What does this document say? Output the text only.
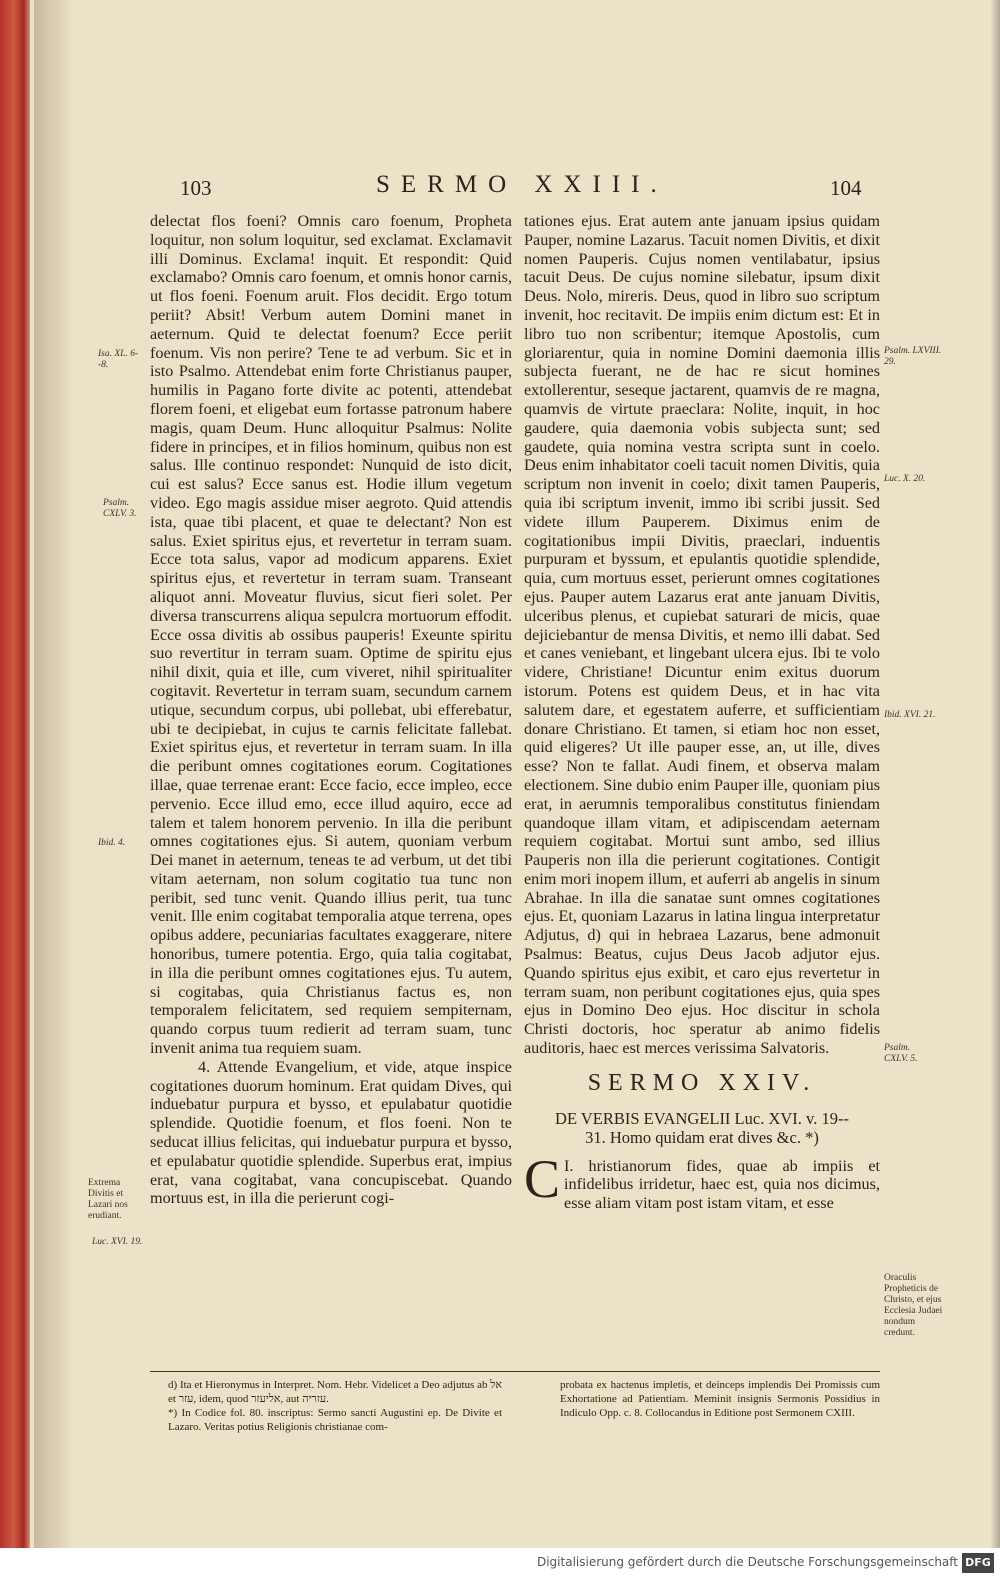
103	SERMO XXIII.	104

delectat flos foeni? Omnis caro foenum, Propheta loquitur, non solum loquitur, sed exclamat. Exclamavit illi Dominus. Exclama! inquit. Et respondit: Quid exclamabo? Omnis caro foenum, et omnis honor carnis, ut flos foeni. Foenum aruit. Flos decidit. Ergo totum periit? Absit! Verbum autem Domini manet in aeternum. Quid te delectat foenum? Ecce periit foenum. Vis non perire? Tene te ad verbum. Sic et in isto Psalmo. Attendebat enim forte Christianus pauper, humilis in Pagano forte divite ac potenti, attendebat florem foeni, et eligebat eum fortasse patronum habere magis, quam Deum. Hunc alloquitur Psalmus: Nolite fidere in principes, et in filios hominum, quibus non est salus. Ille continuo respondet: Nunquid de isto dicit, cui est salus? Ecce sanus est. Hodie illum vegetum video. Ego magis assidue miser aegroto. Quid attendis ista, quae tibi placent, et quae te delectant? Non est salus. Exiet spiritus ejus, et revertetur in terram suam. Ecce tota salus, vapor ad modicum apparens. Exiet spiritus ejus, et revertetur in terram suam. Transeant aliquot anni. Moveatur fluvius, sicut fieri solet. Per diversa transcurrens aliqua sepulcra mortuorum effodit. Ecce ossa divitis ab ossibus pauperis! Exeunte spiritu suo revertitur in terram suam. Optime de spiritu ejus nihil dixit, quia et ille, cum viveret, nihil spiritualiter cogitavit. Revertetur in terram suam, secundum carnem utique, secundum corpus, ubi pollebat, ubi efferebatur, ubi te decipiebat, in cujus te carnis felicitate fallebat. Exiet spiritus ejus, et revertetur in terram suam. In illa die peribunt omnes cogitationes eorum. Cogitationes illae, quae terrenae erant: Ecce facio, ecce impleo, ecce pervenio. Ecce illud emo, ecce illud aquiro, ecce ad talem et talem honorem pervenio. In illa die peribunt omnes cogitationes ejus. Si autem, quoniam verbum Dei manet in aeternum, teneas te ad verbum, ut det tibi vitam aeternam, non solum cogitatio tua tunc non peribit, sed tunc venit. Quando illius perit, tua tunc venit. Ille enim cogitabat temporalia atque terrena, opes opibus addere, pecuniarias facultates exaggerare, nitere honoribus, tumere potentia. Ergo, quia talia cogitabat, in illa die peribunt omnes cogitationes ejus. Tu autem, si cogitabas, quia Christianus factus es, non temporalem felicitatem, sed requiem sempiternam, quando corpus tuum redierit ad terram suam, tunc invenit anima tua requiem suam.

4. Attende Evangelium, et vide, atque inspice cogitationes duorum hominum. Erat quidam Dives, qui induebatur purpura et bysso, et epulabatur quotidie splendide. Quotidie foenum, et flos foeni. Non te seducat illius felicitas, qui induebatur purpura et bysso, et epulabatur quotidie splendide. Superbus erat, impius erat, vana cogitabat, vana concupiscebat. Quando mortuus est, in illa die perierunt cogi-

tationes ejus. Erat autem ante januam ipsius quidam Pauper, nomine Lazarus. Tacuit nomen Divitis, et dixit nomen Pauperis. Cujus nomen ventilabatur, ipsius tacuit Deus. De cujus nomine silebatur, ipsum dixit Deus. Nolo, mireris. Deus, quod in libro suo scriptum invenit, hoc recitavit. De impiis enim dictum est: Et in libro tuo non scribentur; itemque Apostolis, cum gloriarentur, quia in nomine Domini daemonia illis subjecta fuerant, ne de hac re sicut homines extollerentur, seseque jactarent, quamvis de re magna, quamvis de virtute praeclara: Nolite, inquit, in hoc gaudere, quia daemonia vobis subjecta sunt; sed gaudete, quia nomina vestra scripta sunt in coelo. Deus enim inhabitator coeli tacuit nomen Divitis, quia scriptum non invenit in coelo; dixit tamen Pauperis, quia ibi scriptum invenit, immo ibi scribi jussit. Sed videte illum Pauperem. Diximus enim de cogitationibus impii Divitis, praeclari, induentis purpuram et byssum, et epulantis quotidie splendide, quia, cum mortuus esset, perierunt omnes cogitationes ejus. Pauper autem Lazarus erat ante januam Divitis, ulceribus plenus, et cupiebat saturari de micis, quae dejiciebantur de mensa Divitis, et nemo illi dabat. Sed et canes veniebant, et lingebant ulcera ejus. Ibi te volo videre, Christiane! Dicuntur enim exitus duorum istorum. Potens est quidem Deus, et in hac vita salutem dare, et egestatem auferre, et sufficientiam donare Christiano. Et tamen, si etiam hoc non esset, quid eligeres? Ut ille pauper esse, an, ut ille, dives esse? Non te fallat. Audi finem, et observa malam electionem. Sine dubio enim Pauper ille, quoniam pius erat, in aerumnis temporalibus constitutus finiendam quandoque illam vitam, et adipiscendam aeternam requiem cogitabat. Mortui sunt ambo, sed illius Pauperis non illa die perierunt cogitationes. Contigit enim mori inopem illum, et auferri ab angelis in sinum Abrahae. In illa die sanatae sunt omnes cogitationes ejus. Et, quoniam Lazarus in latina lingua interpretatur Adjutus, d) qui in hebraea Lazarus, bene admonuit Psalmus: Beatus, cujus Deus Jacob adjutor ejus. Quando spiritus ejus exibit, et caro ejus revertetur in terram suam, non peribunt cogitationes ejus, quia spes ejus in Domino Deo ejus. Hoc discitur in schola Christi doctoris, hoc speratur ab animo fidelis auditoris, haec est merces verissima Salvatoris.

SERMO XXIV.
DE VERBIS EVANGELII Luc. XVI. v. 19--
31. Homo quidam erat dives &c. *)

I.
C hristianorum fides, quae ab impiis et infidelibus irridetur, haec est, quia nos dicimus, esse aliam vitam post istam vitam, et esse

Isa. XL. 6--8.
Psalm. CXLV. 3.
Ibid. 4.
Extrema Divitis et Lazari nos erudiant.
Luc. XVI. 19.
Psalm. LXVIII. 29.
Luc. X. 20.
Ibid. XVI. 21.
Psalm. CXLV. 5.
Oraculis Propheticis de Christo, et ejus Ecclesia Judaei nondum credunt.

d) Ita et Hieronymus in Interpret. Nom. Hebr. Videlicet a Deo adjutus ab אל et עזר, idem, quod אליעזר, aut עזריה.

*) In Codice fol. 80. inscriptus: Sermo sancti Augustini ep. De Divite et Lazaro. Veritas potius Religionis christianae com-

probata ex hactenus impletis, et deinceps implendis Dei Promissis cum Exhortatione ad Patientiam. Meminit insignis Sermonis Possidius in Indiculo Opp. c. 8. Collocandus in Editione post Sermonem CXIII.

Digitalisierung gefördert durch die Deutsche Forschungsgemeinschaft DFG
